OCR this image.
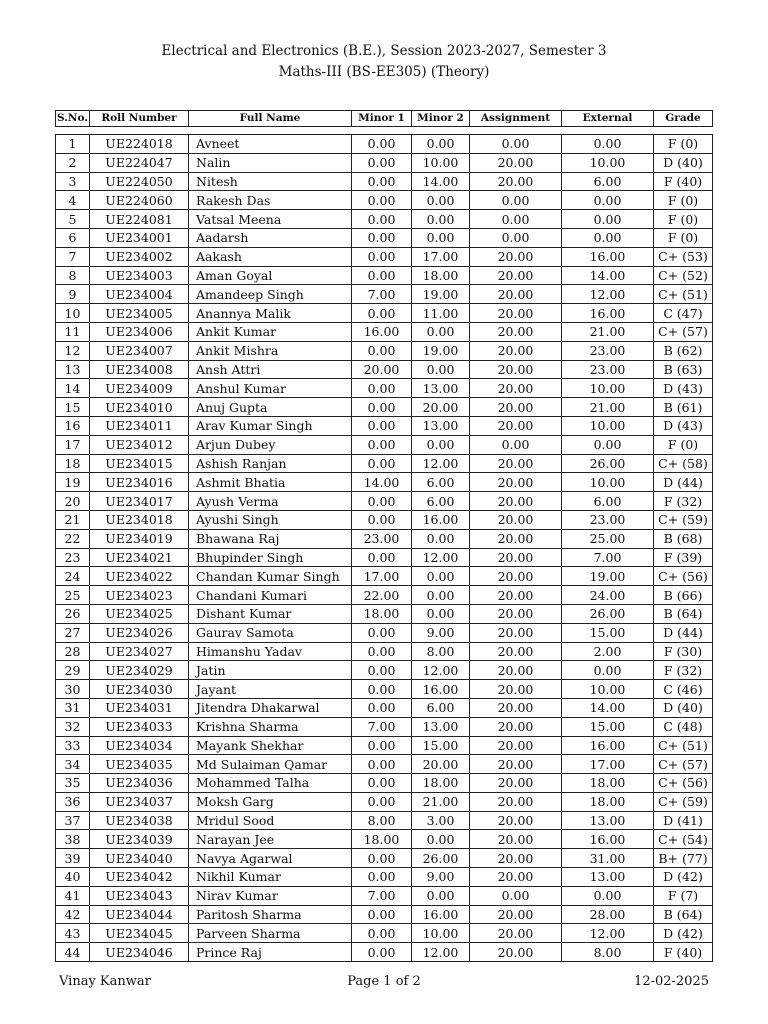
Electrical and Electronics (B.E.), Session 2023-2027, Semester 3
Maths-III (BS-EE305) (Theory)
S.No.	Roll Number	Full Name	Minor 1	Minor 2	Assignment	External	Grade
1	UE224018	Avneet	0.00	0.00	0.00	0.00	F (0)
2	UE224047	Nalin	0.00	10.00	20.00	10.00	D (40)
3	UE224050	Nitesh	0.00	14.00	20.00	6.00	F (40)
4	UE224060	Rakesh Das	0.00	0.00	0.00	0.00	F (0)
5	UE224081	Vatsal Meena	0.00	0.00	0.00	0.00	F (0)
6	UE234001	Aadarsh	0.00	0.00	0.00	0.00	F (0)
7	UE234002	Aakash	0.00	17.00	20.00	16.00	C+ (53)
8	UE234003	Aman Goyal	0.00	18.00	20.00	14.00	C+ (52)
9	UE234004	Amandeep Singh	7.00	19.00	20.00	12.00	C+ (51)
10	UE234005	Anannya Malik	0.00	11.00	20.00	16.00	C (47)
11	UE234006	Ankit Kumar	16.00	0.00	20.00	21.00	C+ (57)
12	UE234007	Ankit Mishra	0.00	19.00	20.00	23.00	B (62)
13	UE234008	Ansh Attri	20.00	0.00	20.00	23.00	B (63)
14	UE234009	Anshul Kumar	0.00	13.00	20.00	10.00	D (43)
15	UE234010	Anuj Gupta	0.00	20.00	20.00	21.00	B (61)
16	UE234011	Arav Kumar Singh	0.00	13.00	20.00	10.00	D (43)
17	UE234012	Arjun Dubey	0.00	0.00	0.00	0.00	F (0)
18	UE234015	Ashish Ranjan	0.00	12.00	20.00	26.00	C+ (58)
19	UE234016	Ashmit Bhatia	14.00	6.00	20.00	10.00	D (44)
20	UE234017	Ayush Verma	0.00	6.00	20.00	6.00	F (32)
21	UE234018	Ayushi Singh	0.00	16.00	20.00	23.00	C+ (59)
22	UE234019	Bhawana Raj	23.00	0.00	20.00	25.00	B (68)
23	UE234021	Bhupinder Singh	0.00	12.00	20.00	7.00	F (39)
24	UE234022	Chandan Kumar Singh	17.00	0.00	20.00	19.00	C+ (56)
25	UE234023	Chandani Kumari	22.00	0.00	20.00	24.00	B (66)
26	UE234025	Dishant Kumar	18.00	0.00	20.00	26.00	B (64)
27	UE234026	Gaurav Samota	0.00	9.00	20.00	15.00	D (44)
28	UE234027	Himanshu Yadav	0.00	8.00	20.00	2.00	F (30)
29	UE234029	Jatin	0.00	12.00	20.00	0.00	F (32)
30	UE234030	Jayant	0.00	16.00	20.00	10.00	C (46)
31	UE234031	Jitendra Dhakarwal	0.00	6.00	20.00	14.00	D (40)
32	UE234033	Krishna Sharma	7.00	13.00	20.00	15.00	C (48)
33	UE234034	Mayank Shekhar	0.00	15.00	20.00	16.00	C+ (51)
34	UE234035	Md Sulaiman Qamar	0.00	20.00	20.00	17.00	C+ (57)
35	UE234036	Mohammed Talha	0.00	18.00	20.00	18.00	C+ (56)
36	UE234037	Moksh Garg	0.00	21.00	20.00	18.00	C+ (59)
37	UE234038	Mridul Sood	8.00	3.00	20.00	13.00	D (41)
38	UE234039	Narayan Jee	18.00	0.00	20.00	16.00	C+ (54)
39	UE234040	Navya Agarwal	0.00	26.00	20.00	31.00	B+ (77)
40	UE234042	Nikhil Kumar	0.00	9.00	20.00	13.00	D (42)
41	UE234043	Nirav Kumar	7.00	0.00	0.00	0.00	F (7)
42	UE234044	Paritosh Sharma	0.00	16.00	20.00	28.00	B (64)
43	UE234045	Parveen Sharma	0.00	10.00	20.00	12.00	D (42)
44	UE234046	Prince Raj	0.00	12.00	20.00	8.00	F (40)
Vinay Kanwar	Page 1 of 2	12-02-2025
